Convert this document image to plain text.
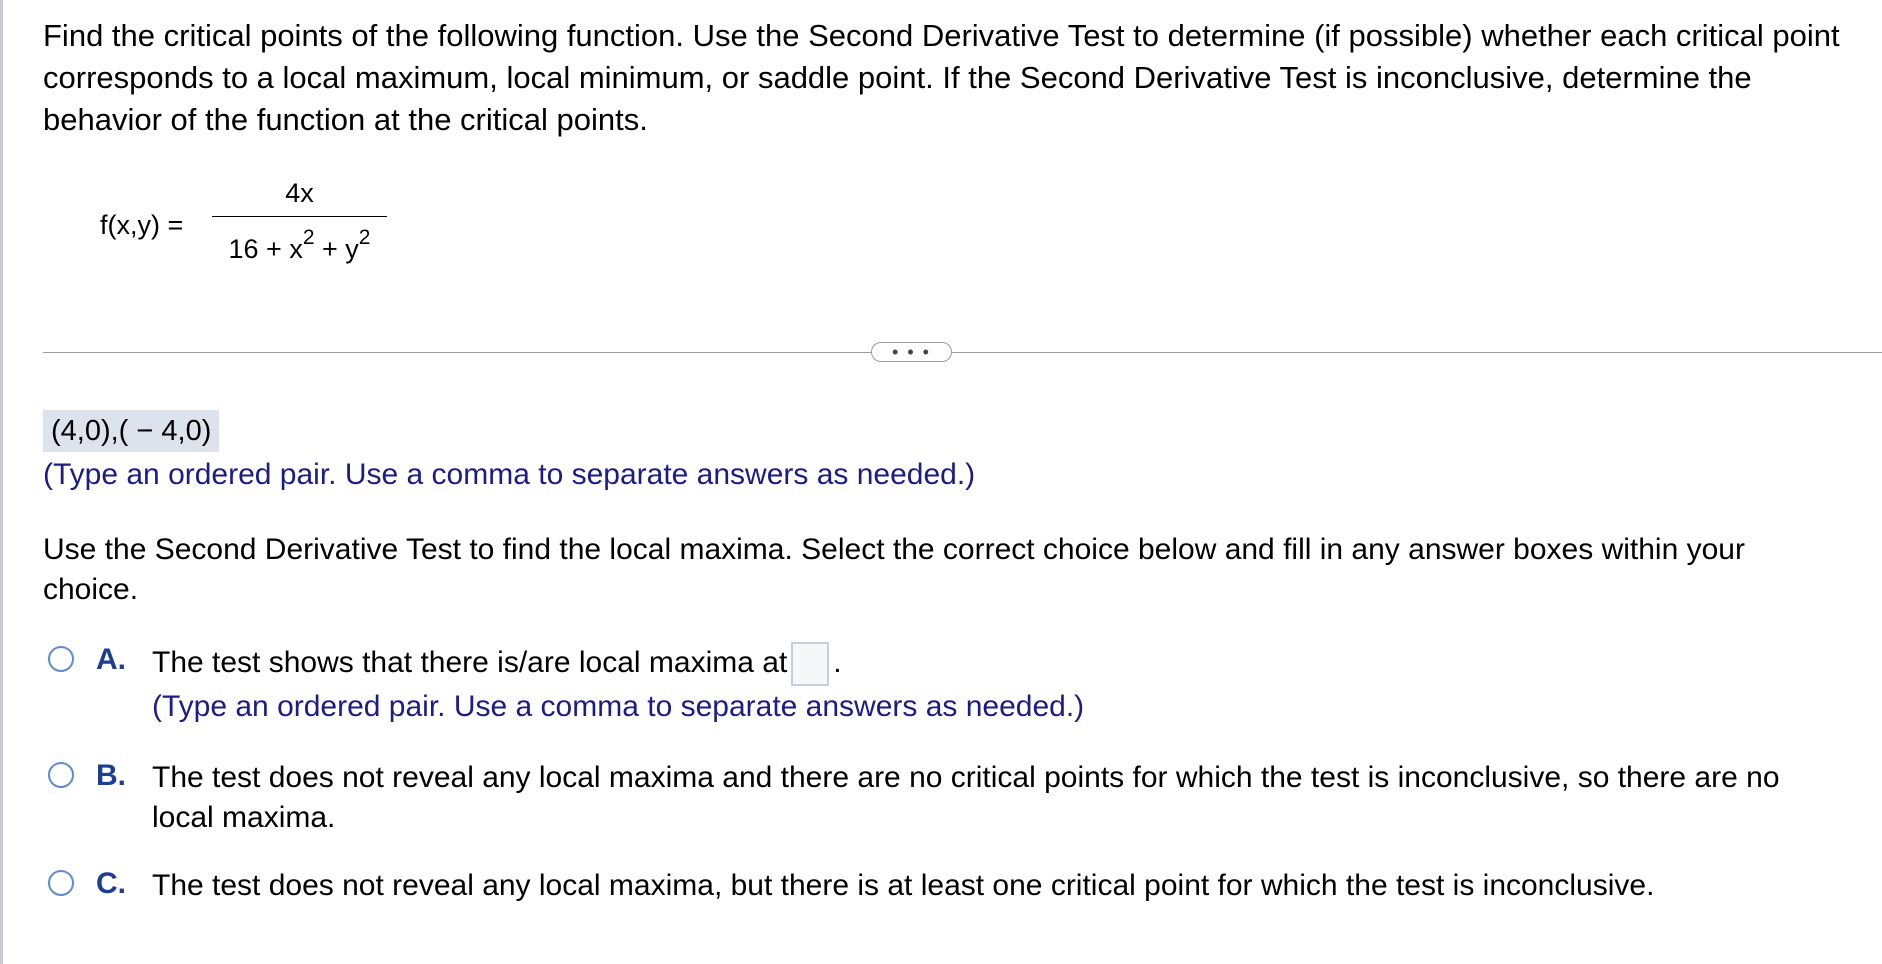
Find the critical points of the following function. Use the Second Derivative Test to determine (if possible) whether each critical point corresponds to a local maximum, local minimum, or saddle point. If the Second Derivative Test is inconclusive, determine the behavior of the function at the critical points.
f(x,y) =
4x
$16 + x^2 + y^2$
• • •
(4,0),( − 4,0)
(Type an ordered pair. Use a comma to separate answers as needed.)
Use the Second Derivative Test to find the local maxima. Select the correct choice below and fill in any answer boxes within your choice.
A. The test shows that there is/are local maxima at .
(Type an ordered pair. Use a comma to separate answers as needed.)
B. The test does not reveal any local maxima and there are no critical points for which the test is inconclusive, so there are no local maxima.
C. The test does not reveal any local maxima, but there is at least one critical point for which the test is inconclusive.
